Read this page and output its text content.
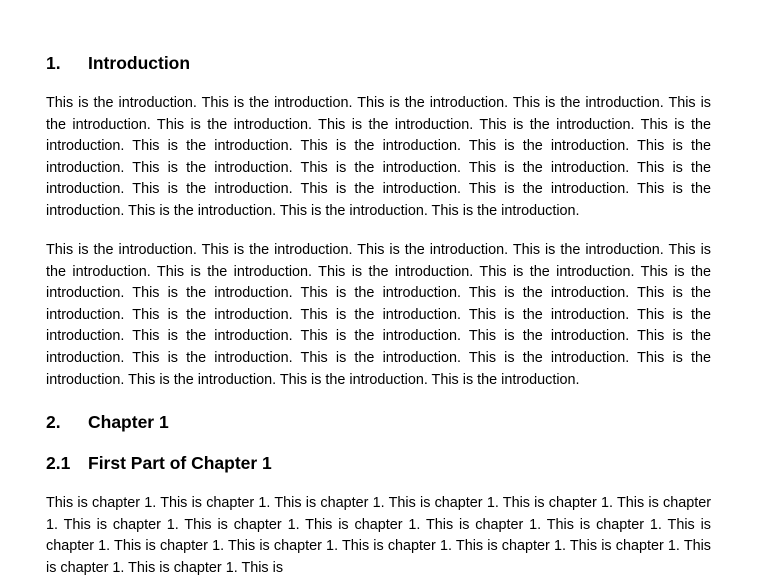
1.	Introduction

This is the introduction. This is the introduction. This is the introduction. This is the introduction. This is the introduction. This is the introduction. This is the introduction. This is the introduction. This is the introduction. This is the introduction. This is the introduction. This is the introduction. This is the introduction. This is the introduction. This is the introduction. This is the introduction. This is the introduction. This is the introduction. This is the introduction. This is the introduction. This is the introduction. This is the introduction. This is the introduction. This is the introduction.

This is the introduction. This is the introduction. This is the introduction. This is the introduction. This is the introduction. This is the introduction. This is the introduction. This is the introduction. This is the introduction. This is the introduction. This is the introduction. This is the introduction. This is the introduction. This is the introduction. This is the introduction. This is the introduction. This is the introduction. This is the introduction. This is the introduction. This is the introduction. This is the introduction. This is the introduction. This is the introduction. This is the introduction. This is the introduction. This is the introduction. This is the introduction. This is the introduction.

2.	Chapter 1
2.1	First Part of Chapter 1

This is chapter 1. This is chapter 1. This is chapter 1. This is chapter 1. This is chapter 1. This is chapter 1. This is chapter 1. This is chapter 1. This is chapter 1. This is chapter 1. This is chapter 1. This is chapter 1. This is chapter 1. This is chapter 1. This is chapter 1. This is chapter 1. This is chapter 1. This is chapter 1. This is chapter 1. This is
